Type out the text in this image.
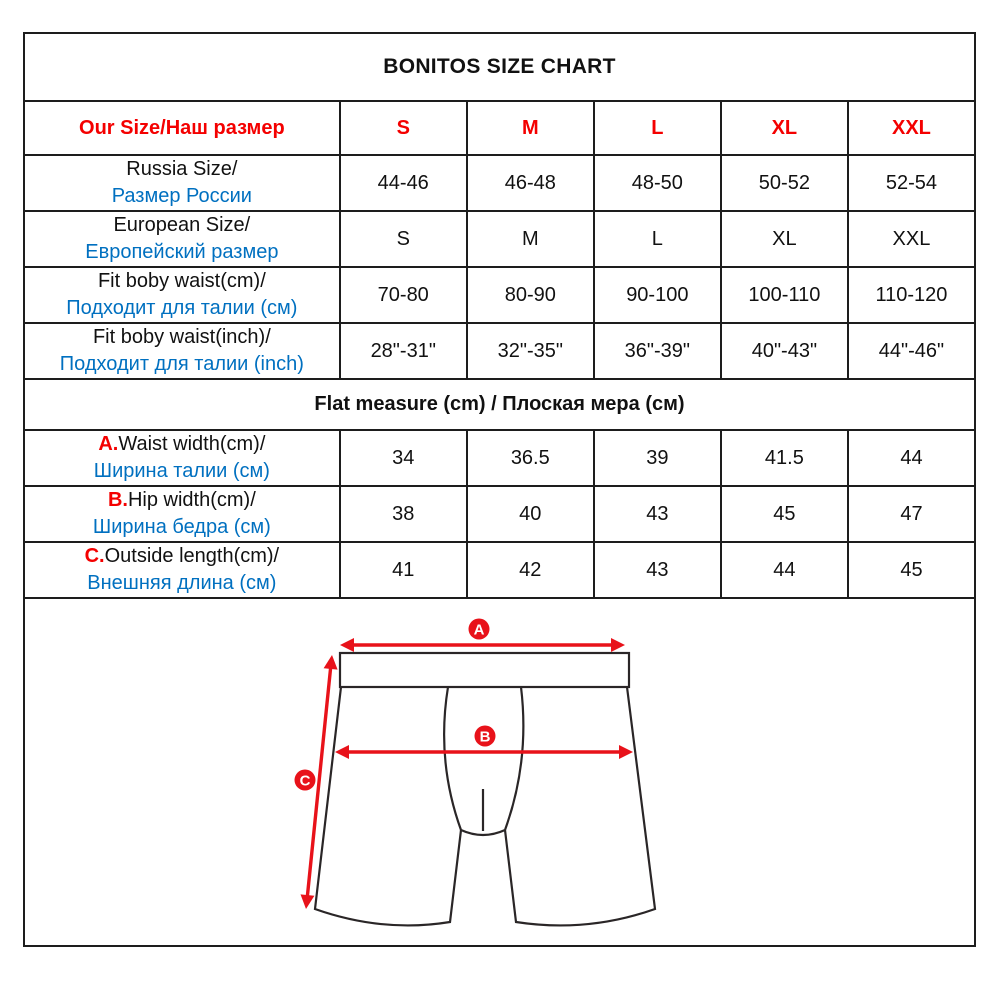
BONITOS SIZE CHART					
Our Size/Наш размер	S	M	L	XL	XXL

Russia Size/
Размер России	44-46	46-48	48-50	50-52	52-54

European Size/
Европейский размер	S	M	L	XL	XXL

Fit boby waist(cm)/
Подходит для талии (см)	70-80	80-90	90-100	100-110	110-120

Fit boby waist(inch)/
Подходит для талии (inch)	28"-31"	32"-35"	36"-39"	40"-43"	44"-46"
Flat measure (cm) / Плоская мера (см)					

A.Waist width(cm)/
Ширина талии (см)	34	36.5	39	41.5	44

B.Hip width(cm)/
Ширина бедра (см)	38	40	43	45	47

C.Outside length(cm)/
Внешняя длина (см)	41	42	43	44	45

A
B
C					
